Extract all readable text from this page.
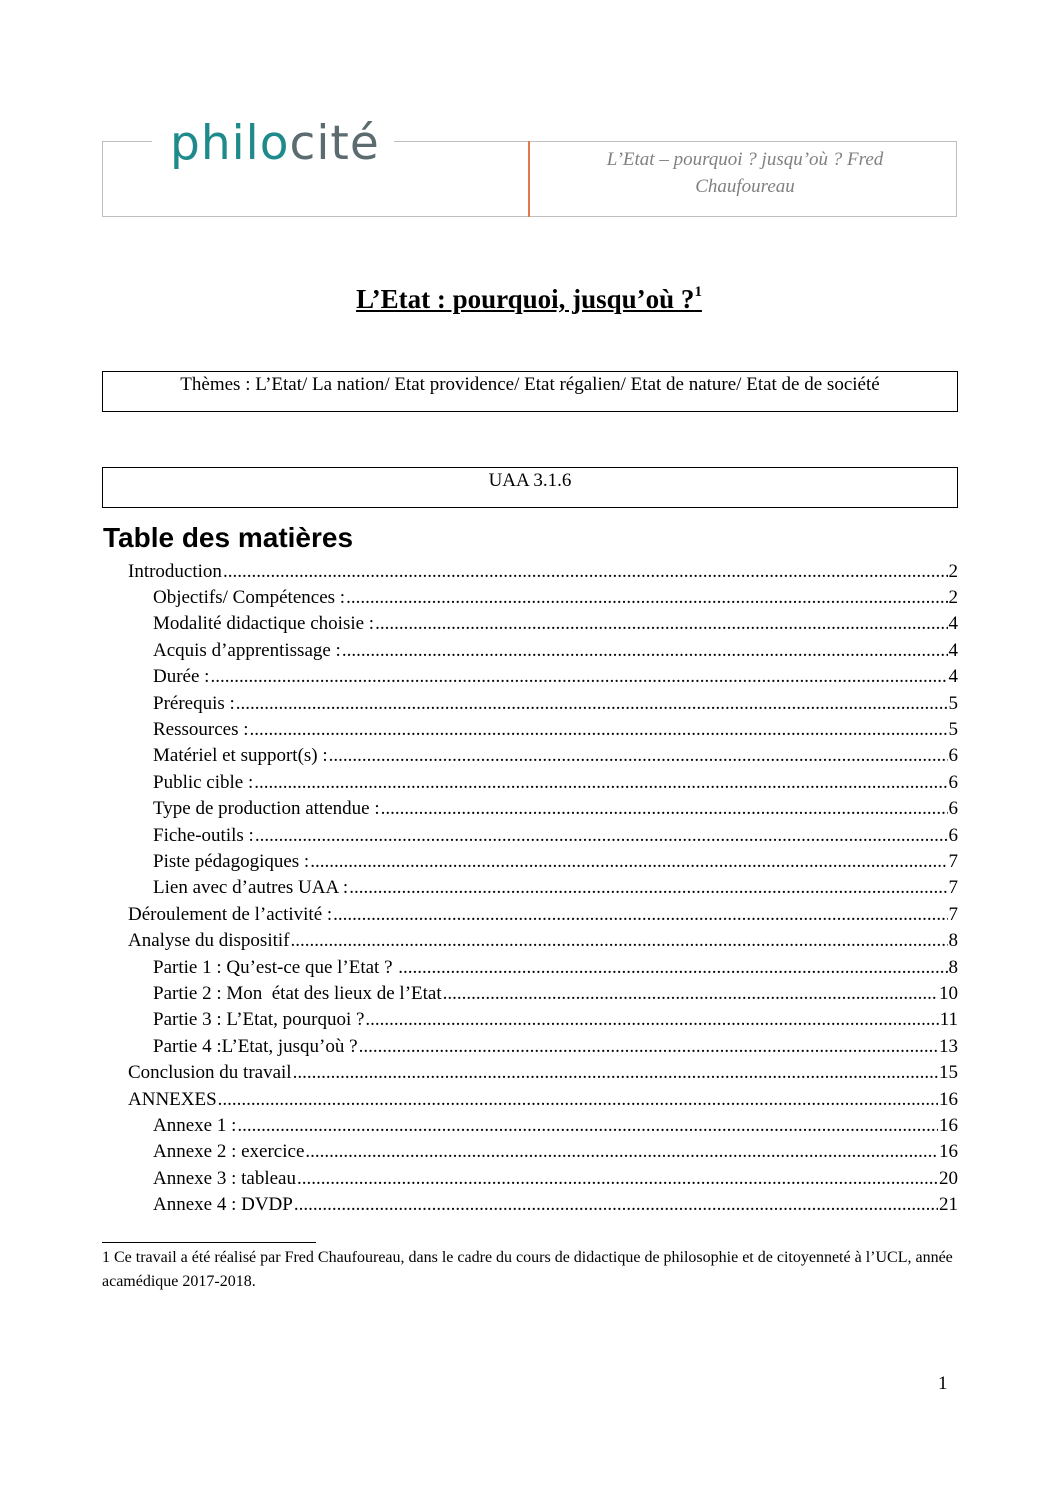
philocité	L’Etat – pourquoi ? jusqu’où ? Fred Chaufoureau
L’Etat : pourquoi, jusqu’où ?$^1$
Thèmes : L’Etat/ La nation/ Etat providence/ Etat régalien/ Etat de nature/ Etat de de société
UAA 3.1.6
Table des matières
Introduction .....	2
Objectifs/ Compétences : .....	2
Modalité didactique choisie : .....	4
Acquis d’apprentissage : .....	4
Durée : .....	4
Prérequis : .....	5
Ressources : .....	5
Matériel et support(s) : .....	6
Public cible : .....	6
Type de production attendue : .....	6
Fiche-outils : .....	6
Piste pédagogiques : .....	7
Lien avec d’autres UAA : .....	7
Déroulement de l’activité : .....	7
Analyse du dispositif .....	8
Partie 1 : Qu’est-ce que l’Etat ? .....	8
Partie 2 : Mon  état des lieux de l’Etat .....	10
Partie 3 : L’Etat, pourquoi ? .....	11
Partie 4 :L’Etat, jusqu’où ? .....	13
Conclusion du travail .....	15
ANNEXES .....	16
Annexe 1 : .....	16
Annexe 2 : exercice .....	16
Annexe 3 : tableau .....	20
Annexe 4 : DVDP .....	21
1 Ce travail a été réalisé par Fred Chaufoureau, dans le cadre du cours de didactique de philosophie et de citoyenneté à l’UCL, année acamédique 2017-2018.
1
